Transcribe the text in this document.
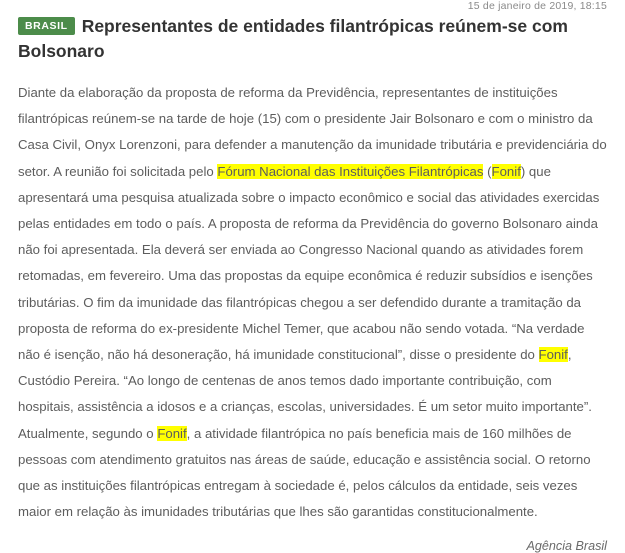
15 de janeiro de 2019, 18:15
BRASIL Representantes de entidades filantrópicas reúnem-se com Bolsonaro

Diante da elaboração da proposta de reforma da Previdência, representantes de instituições filantrópicas reúnem-se na tarde de hoje (15) com o presidente Jair Bolsonaro e com o ministro da Casa Civil, Onyx Lorenzoni, para defender a manutenção da imunidade tributária e previdenciária do setor. A reunião foi solicitada pelo Fórum Nacional das Instituições Filantrópicas (Fonif) que apresentará uma pesquisa atualizada sobre o impacto econômico e social das atividades exercidas pelas entidades em todo o país. A proposta de reforma da Previdência do governo Bolsonaro ainda não foi apresentada. Ela deverá ser enviada ao Congresso Nacional quando as atividades forem retomadas, em fevereiro. Uma das propostas da equipe econômica é reduzir subsídios e isenções tributárias. O fim da imunidade das filantrópicas chegou a ser defendido durante a tramitação da proposta de reforma do ex-presidente Michel Temer, que acabou não sendo votada. “Na verdade não é isenção, não há desoneração, há imunidade constitucional”, disse o presidente do Fonif, Custódio Pereira. “Ao longo de centenas de anos temos dado importante contribuição, com hospitais, assistência a idosos e a crianças, escolas, universidades. É um setor muito importante”. Atualmente, segundo o Fonif, a atividade filantrópica no país beneficia mais de 160 milhões de pessoas com atendimento gratuitos nas áreas de saúde, educação e assistência social. O retorno que as instituições filantrópicas entregam à sociedade é, pelos cálculos da entidade, seis vezes maior em relação às imunidades tributárias que lhes são garantidas constitucionalmente.

Agência Brasil
